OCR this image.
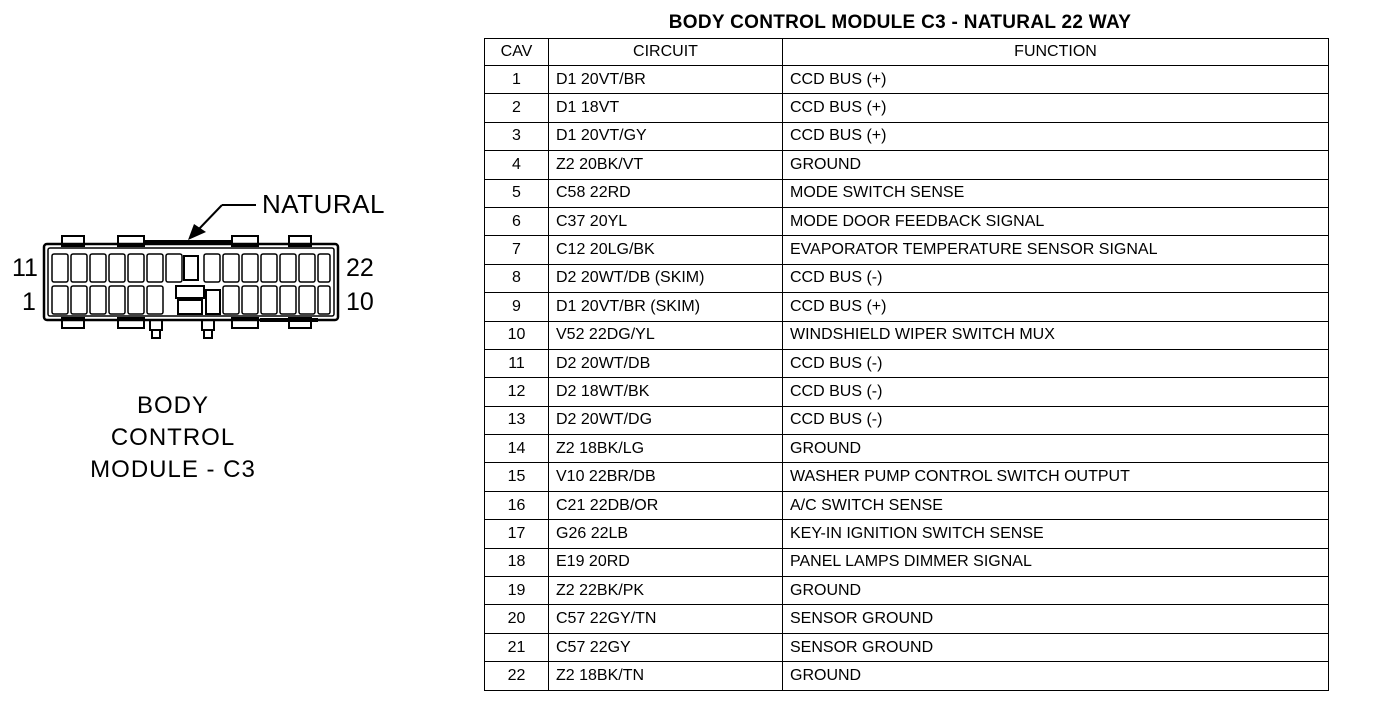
NATURAL
11
1
22
10
BODY
CONTROL
MODULE - C3
BODY CONTROL MODULE C3 - NATURAL 22 WAY
CAV	CIRCUIT	FUNCTION
1	D1 20VT/BR	CCD BUS (+)
2	D1 18VT	CCD BUS (+)
3	D1 20VT/GY	CCD BUS (+)
4	Z2 20BK/VT	GROUND
5	C58 22RD	MODE SWITCH SENSE
6	C37 20YL	MODE DOOR FEEDBACK SIGNAL
7	C12 20LG/BK	EVAPORATOR TEMPERATURE SENSOR SIGNAL
8	D2 20WT/DB (SKIM)	CCD BUS (-)
9	D1 20VT/BR (SKIM)	CCD BUS (+)
10	V52 22DG/YL	WINDSHIELD WIPER SWITCH MUX
11	D2 20WT/DB	CCD BUS (-)
12	D2 18WT/BK	CCD BUS (-)
13	D2 20WT/DG	CCD BUS (-)
14	Z2 18BK/LG	GROUND
15	V10 22BR/DB	WASHER PUMP CONTROL SWITCH OUTPUT
16	C21 22DB/OR	A/C SWITCH SENSE
17	G26 22LB	KEY-IN IGNITION SWITCH SENSE
18	E19 20RD	PANEL LAMPS DIMMER SIGNAL
19	Z2 22BK/PK	GROUND
20	C57 22GY/TN	SENSOR GROUND
21	C57 22GY	SENSOR GROUND
22	Z2 18BK/TN	GROUND
